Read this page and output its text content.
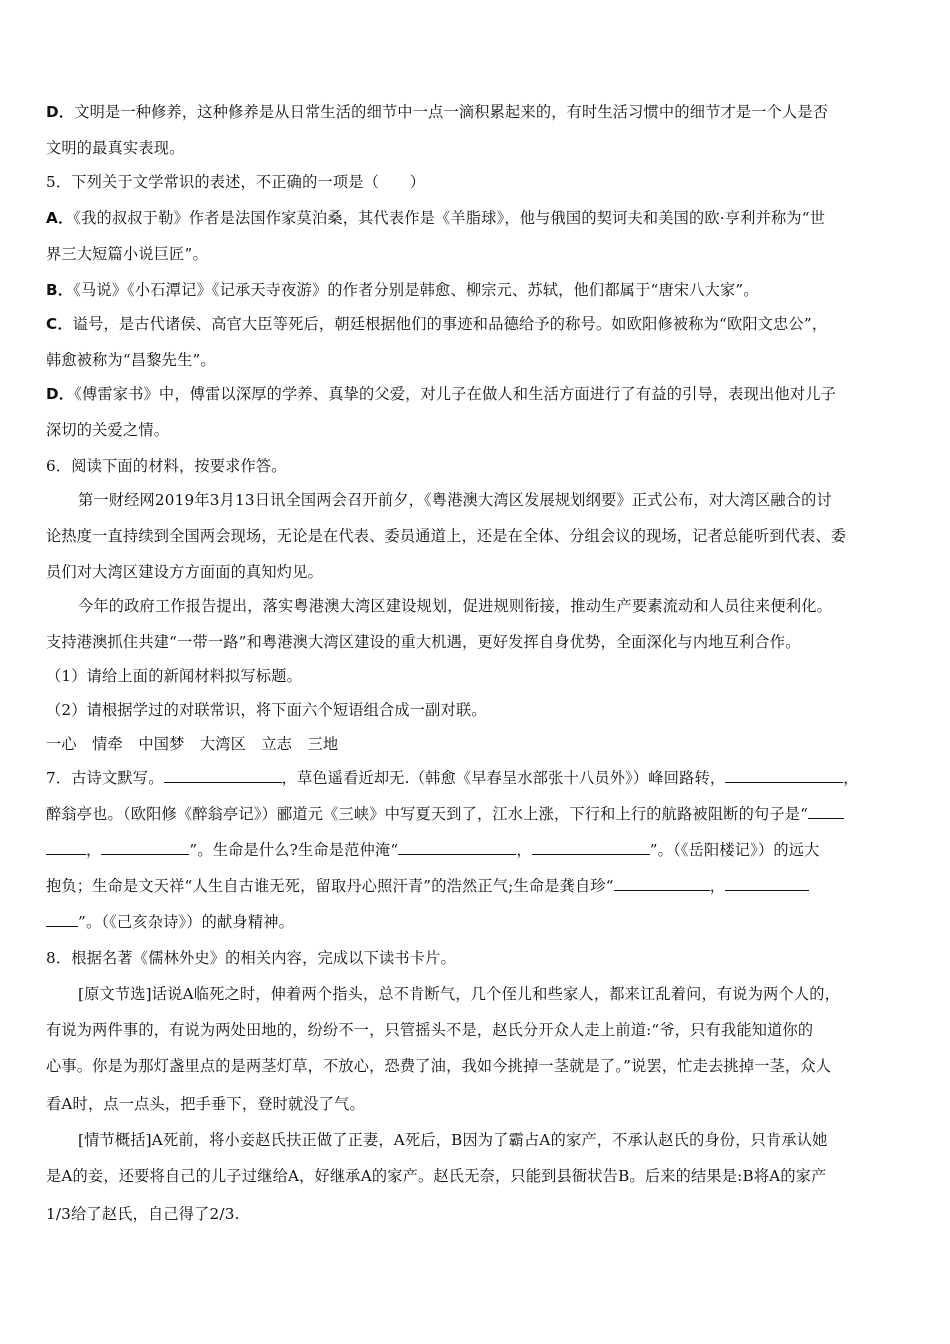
D．文明是一种修养，这种修养是从日常生活的细节中一点一滴积累起来的，有时生活习惯中的细节才是一个人是否
文明的最真实表现。
5．下列关于文学常识的表述，不正确的一项是（　　）
A．《我的叔叔于勒》作者是法国作家莫泊桑，其代表作是《羊脂球》，他与俄国的契诃夫和美国的欧·亨利并称为“世
界三大短篇小说巨匠”。
B．《马说》《小石潭记》《记承天寺夜游》的作者分别是韩愈、柳宗元、苏轼，他们都属于“唐宋八大家”。
C．谥号，是古代诸侯、高官大臣等死后，朝廷根据他们的事迹和品德给予的称号。如欧阳修被称为“欧阳文忠公”，
韩愈被称为“昌黎先生”。
D．《傅雷家书》中，傅雷以深厚的学养、真挚的父爱，对儿子在做人和生活方面进行了有益的引导，表现出他对儿子
深切的关爱之情。
6．阅读下面的材料，按要求作答。
第一财经网2019年3月13日讯全国两会召开前夕，《粤港澳大湾区发展规划纲要》正式公布，对大湾区融合的讨
论热度一直持续到全国两会现场，无论是在代表、委员通道上，还是在全体、分组会议的现场，记者总能听到代表、委
员们对大湾区建设方方面面的真知灼见。
今年的政府工作报告提出，落实粤港澳大湾区建设规划，促进规则衔接，推动生产要素流动和人员往来便利化。
支持港澳抓住共建“一带一路”和粤港澳大湾区建设的重大机遇，更好发挥自身优势，全面深化与内地互利合作。
（1）请给上面的新闻材料拟写标题。
（2）请根据学过的对联常识，将下面六个短语组合成一副对联。
一心　情牵　中国梦　大湾区　立志　三地
7．古诗文默写。	，草色遥看近却无.（韩愈《早春呈水部张十八员外》）峰回路转，	，
醉翁亭也。（欧阳修《醉翁亭记》）郦道元《三峡》中写夏天到了，江水上涨，下行和上行的航路被阻断的句子是“
，	”。生命是什么?生命是范仲淹“	，	”。（《岳阳楼记》）的远大
抱负；生命是文天祥“人生自古谁无死，留取丹心照汗青”的浩然正气;生命是龚自珍“	，
”。（《己亥杂诗》）的献身精神。
8．根据名著《儒林外史》的相关内容，完成以下读书卡片。
[原文节选]话说A临死之时，伸着两个指头，总不肯断气，几个侄儿和些家人，都来讧乱着问，有说为两个人的，
有说为两件事的，有说为两处田地的，纷纷不一，只管摇头不是，赵氏分开众人走上前道:“爷，只有我能知道你的
心事。你是为那灯盏里点的是两茎灯草，不放心，恐费了油，我如今挑掉一茎就是了。”说罢，忙走去挑掉一茎，众人
看A时，点一点头，把手垂下，登时就没了气。
[情节概括]A死前，将小妾赵氏扶正做了正妻，A死后，B因为了霸占A的家产，不承认赵氏的身份，只肯承认她
是A的妾，还要将自己的儿子过继给A，好继承A的家产。赵氏无奈，只能到县衙状告B。后来的结果是:B将A的家产
1/3给了赵氏，自己得了2/3.
